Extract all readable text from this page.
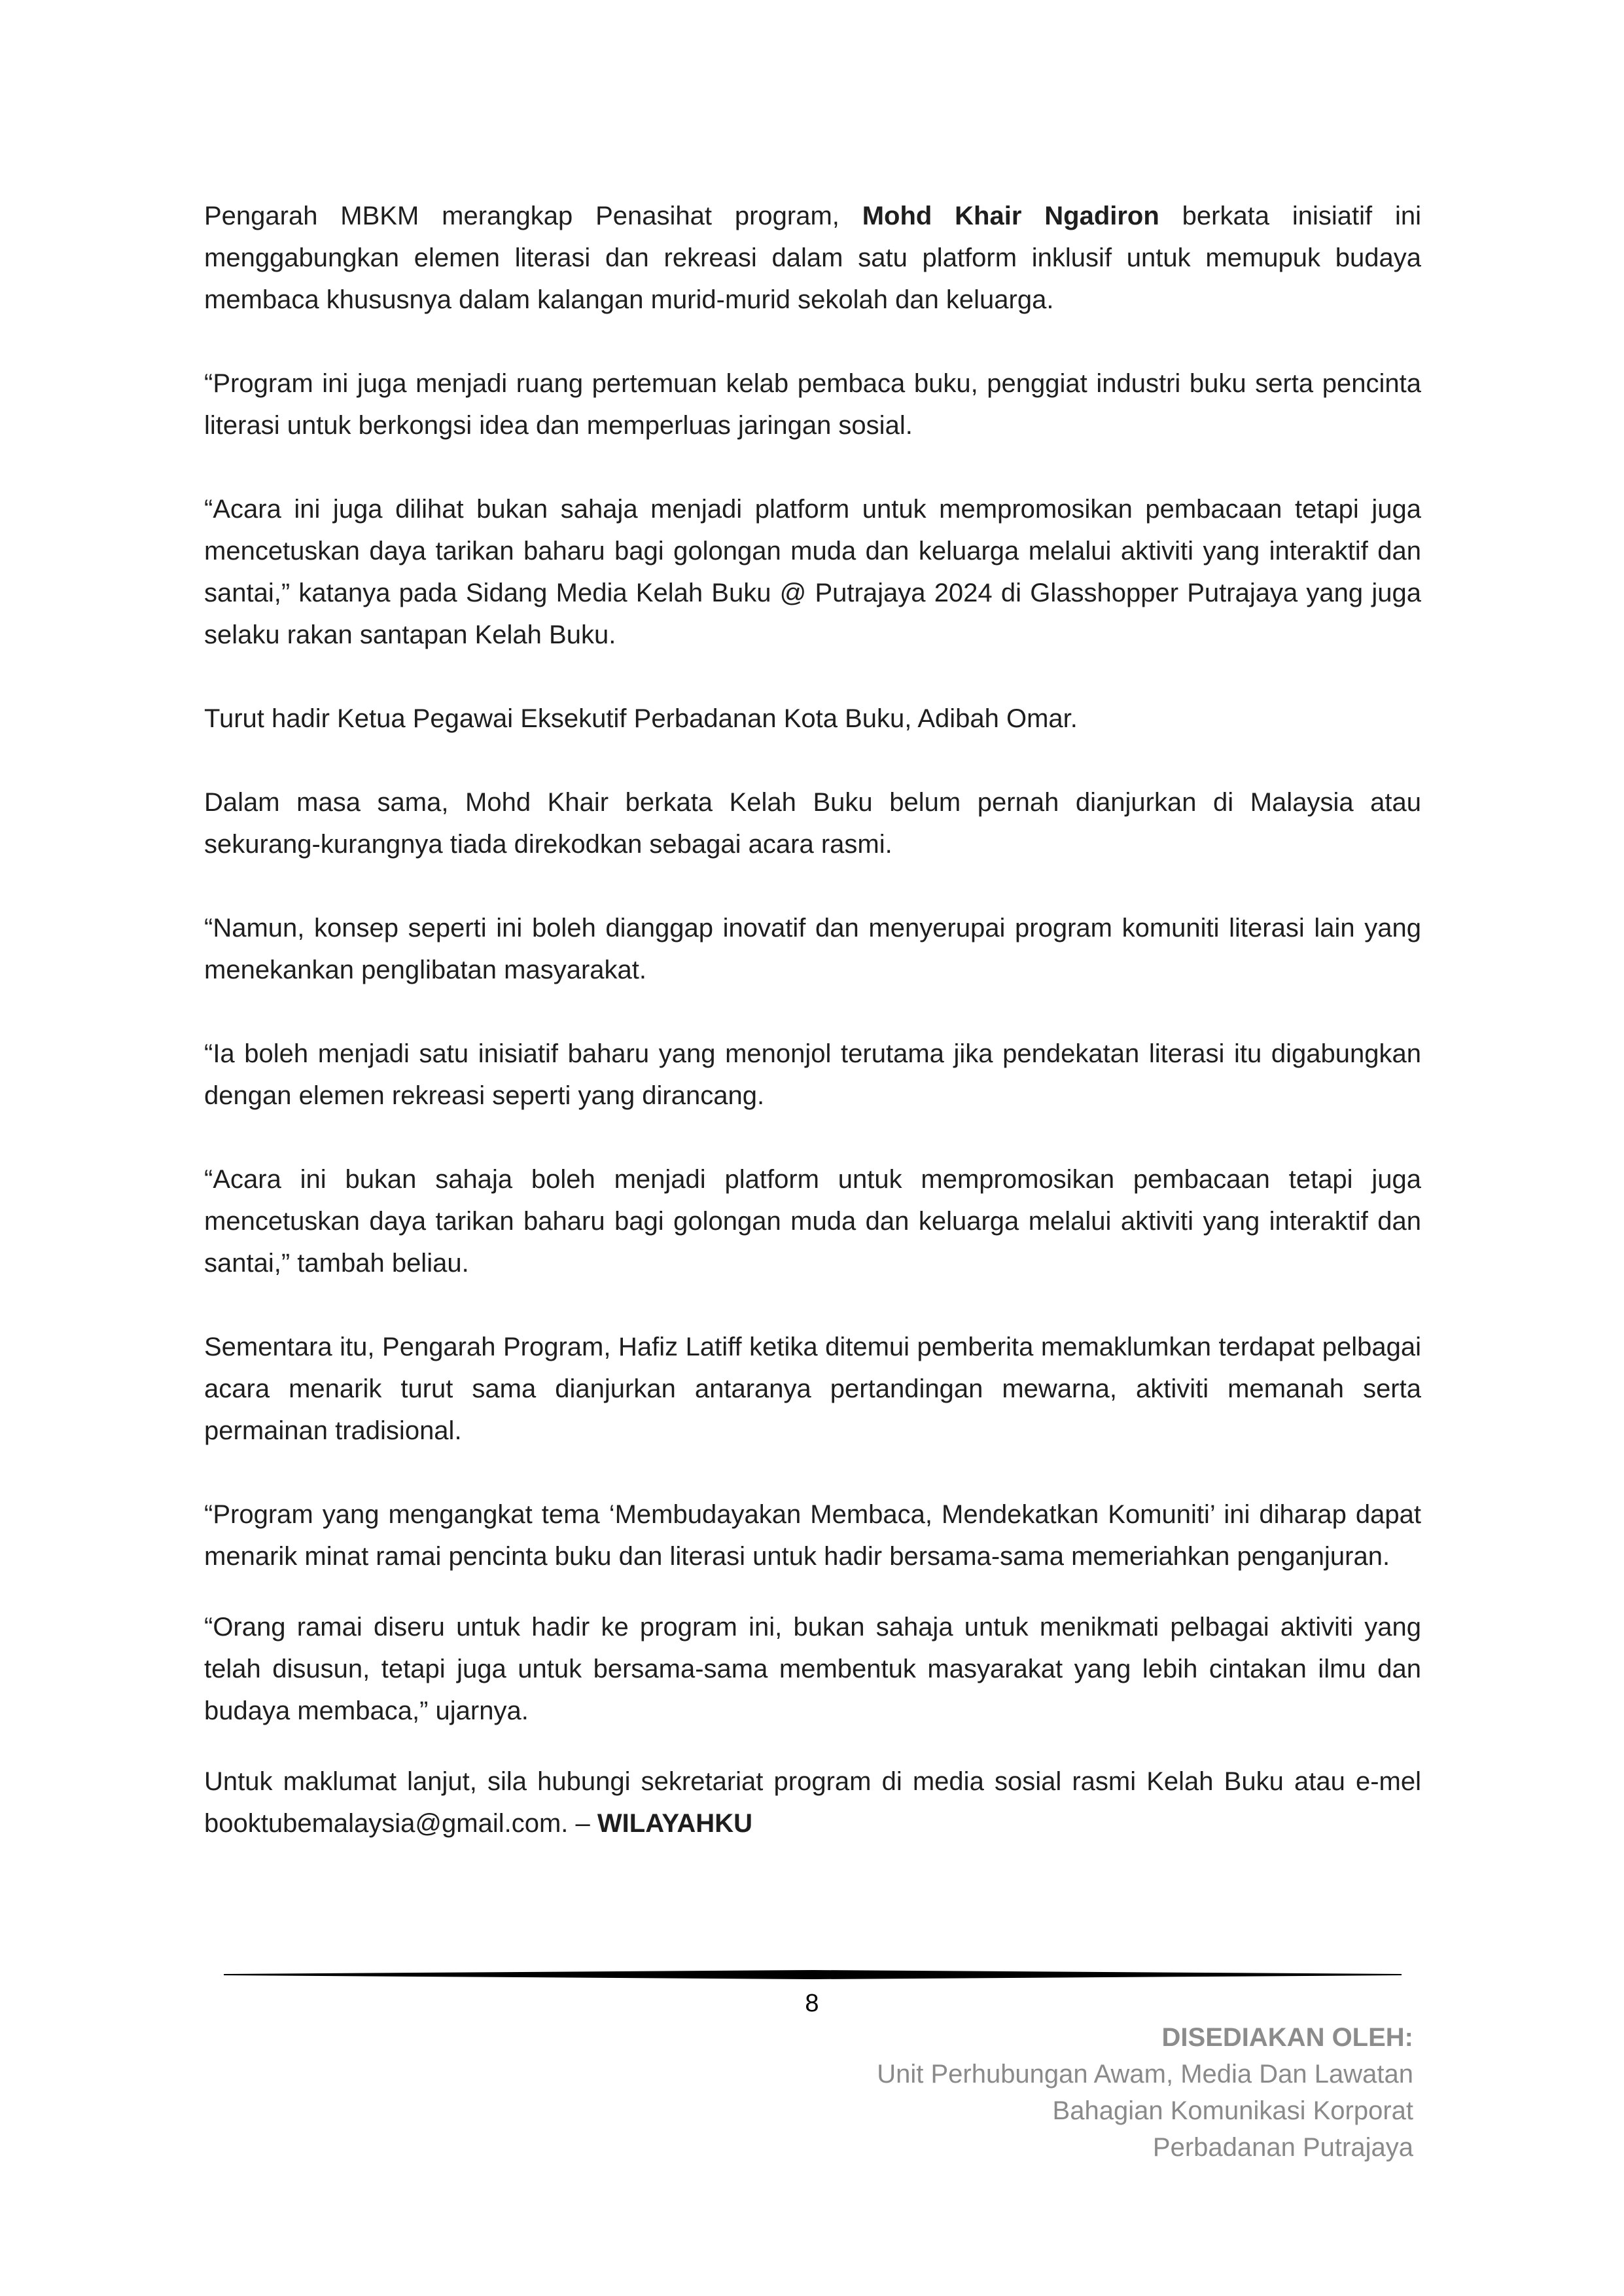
Pengarah MBKM merangkap Penasihat program, Mohd Khair Ngadiron berkata inisiatif ini menggabungkan elemen literasi dan rekreasi dalam satu platform inklusif untuk memupuk budaya membaca khususnya dalam kalangan murid-murid sekolah dan keluarga.

“Program ini juga menjadi ruang pertemuan kelab pembaca buku, penggiat industri buku serta pencinta literasi untuk berkongsi idea dan memperluas jaringan sosial.

“Acara ini juga dilihat bukan sahaja menjadi platform untuk mempromosikan pembacaan tetapi juga mencetuskan daya tarikan baharu bagi golongan muda dan keluarga melalui aktiviti yang interaktif dan santai,” katanya pada Sidang Media Kelah Buku @ Putrajaya 2024 di Glasshopper Putrajaya yang juga selaku rakan santapan Kelah Buku.

Turut hadir Ketua Pegawai Eksekutif Perbadanan Kota Buku, Adibah Omar.

Dalam masa sama, Mohd Khair berkata Kelah Buku belum pernah dianjurkan di Malaysia atau sekurang-kurangnya tiada direkodkan sebagai acara rasmi.

“Namun, konsep seperti ini boleh dianggap inovatif dan menyerupai program komuniti literasi lain yang menekankan penglibatan masyarakat.

“Ia boleh menjadi satu inisiatif baharu yang menonjol terutama jika pendekatan literasi itu digabungkan dengan elemen rekreasi seperti yang dirancang.

“Acara ini bukan sahaja boleh menjadi platform untuk mempromosikan pembacaan tetapi juga mencetuskan daya tarikan baharu bagi golongan muda dan keluarga melalui aktiviti yang interaktif dan santai,” tambah beliau.

Sementara itu, Pengarah Program, Hafiz Latiff ketika ditemui pemberita memaklumkan terdapat pelbagai acara menarik turut sama dianjurkan antaranya pertandingan mewarna, aktiviti memanah serta permainan tradisional.

“Program yang mengangkat tema ‘Membudayakan Membaca, Mendekatkan Komuniti’ ini diharap dapat menarik minat ramai pencinta buku dan literasi untuk hadir bersama-sama memeriahkan penganjuran.

“Orang ramai diseru untuk hadir ke program ini, bukan sahaja untuk menikmati pelbagai aktiviti yang telah disusun, tetapi juga untuk bersama-sama membentuk masyarakat yang lebih cintakan ilmu dan budaya membaca,” ujarnya.

Untuk maklumat lanjut, sila hubungi sekretariat program di media sosial rasmi Kelah Buku atau e-mel booktubemalaysia@gmail.com. – WILAYAHKU

8
DISEDIAKAN OLEH:
Unit Perhubungan Awam, Media Dan Lawatan
Bahagian Komunikasi Korporat
Perbadanan Putrajaya
